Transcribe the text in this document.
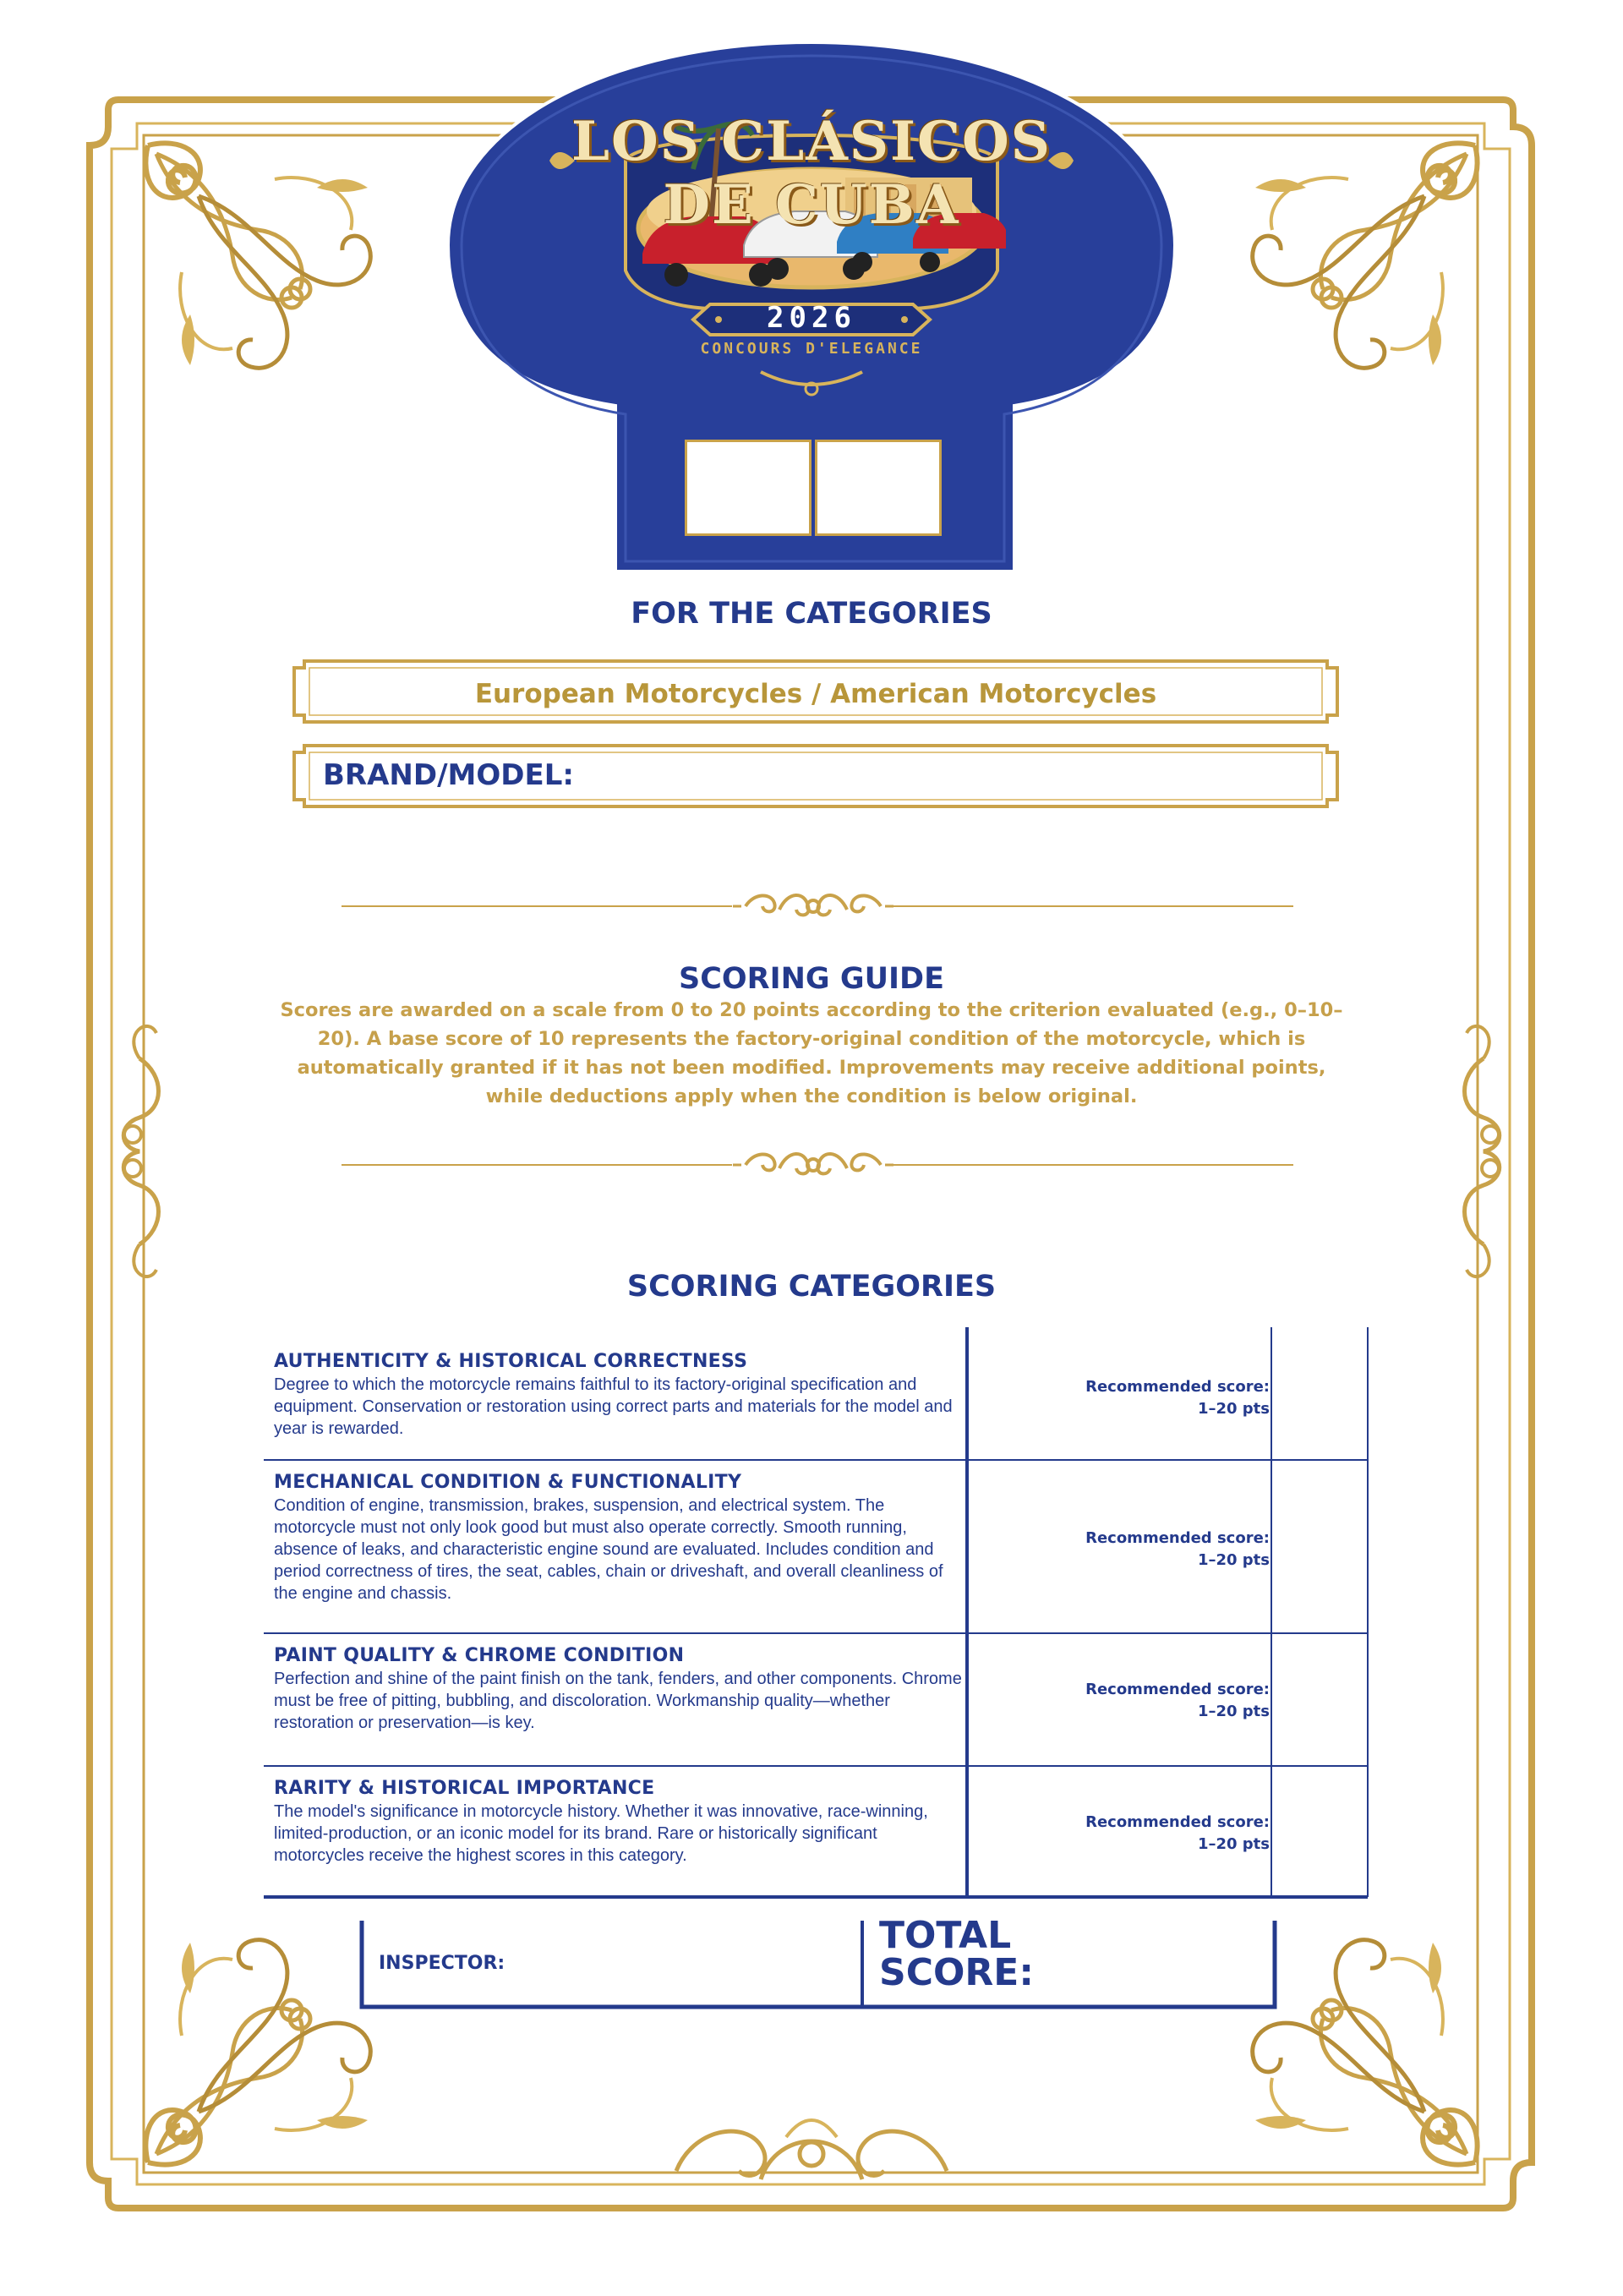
LOS CLÁSICOS DE CUBA
2026
CONCOURS D'ELEGANCE
FOR THE CATEGORIES
European Motorcycles / American Motorcycles
BRAND/MODEL:
SCORING GUIDE
Scores are awarded on a scale from 0 to 20 points according to the criterion evaluated (e.g., 0–10–20). A base score of 10 represents the factory-original condition of the motorcycle, which is automatically granted if it has not been modified. Improvements may receive additional points, while deductions apply when the condition is below original.
SCORING CATEGORIES
AUTHENTICITY & HISTORICAL CORRECTNESS
Degree to which the motorcycle remains faithful to its factory-original specification and equipment. Conservation or restoration using correct parts and materials for the model and year is rewarded.
Recommended score:
1–20 pts
MECHANICAL CONDITION & FUNCTIONALITY
Condition of engine, transmission, brakes, suspension, and electrical system. The motorcycle must not only look good but must also operate correctly. Smooth running, absence of leaks, and characteristic engine sound are evaluated. Includes condition and period correctness of tires, the seat, cables, chain or driveshaft, and overall cleanliness of the engine and chassis.
Recommended score:
1–20 pts
PAINT QUALITY & CHROME CONDITION
Perfection and shine of the paint finish on the tank, fenders, and other components. Chrome must be free of pitting, bubbling, and discoloration. Workmanship quality—whether restoration or preservation—is key.
Recommended score:
1–20 pts
RARITY & HISTORICAL IMPORTANCE
The model's significance in motorcycle history. Whether it was innovative, race-winning, limited-production, or an iconic model for its brand. Rare or historically significant motorcycles receive the highest scores in this category.
Recommended score:
1–20 pts
INSPECTOR:
TOTAL
SCORE:
